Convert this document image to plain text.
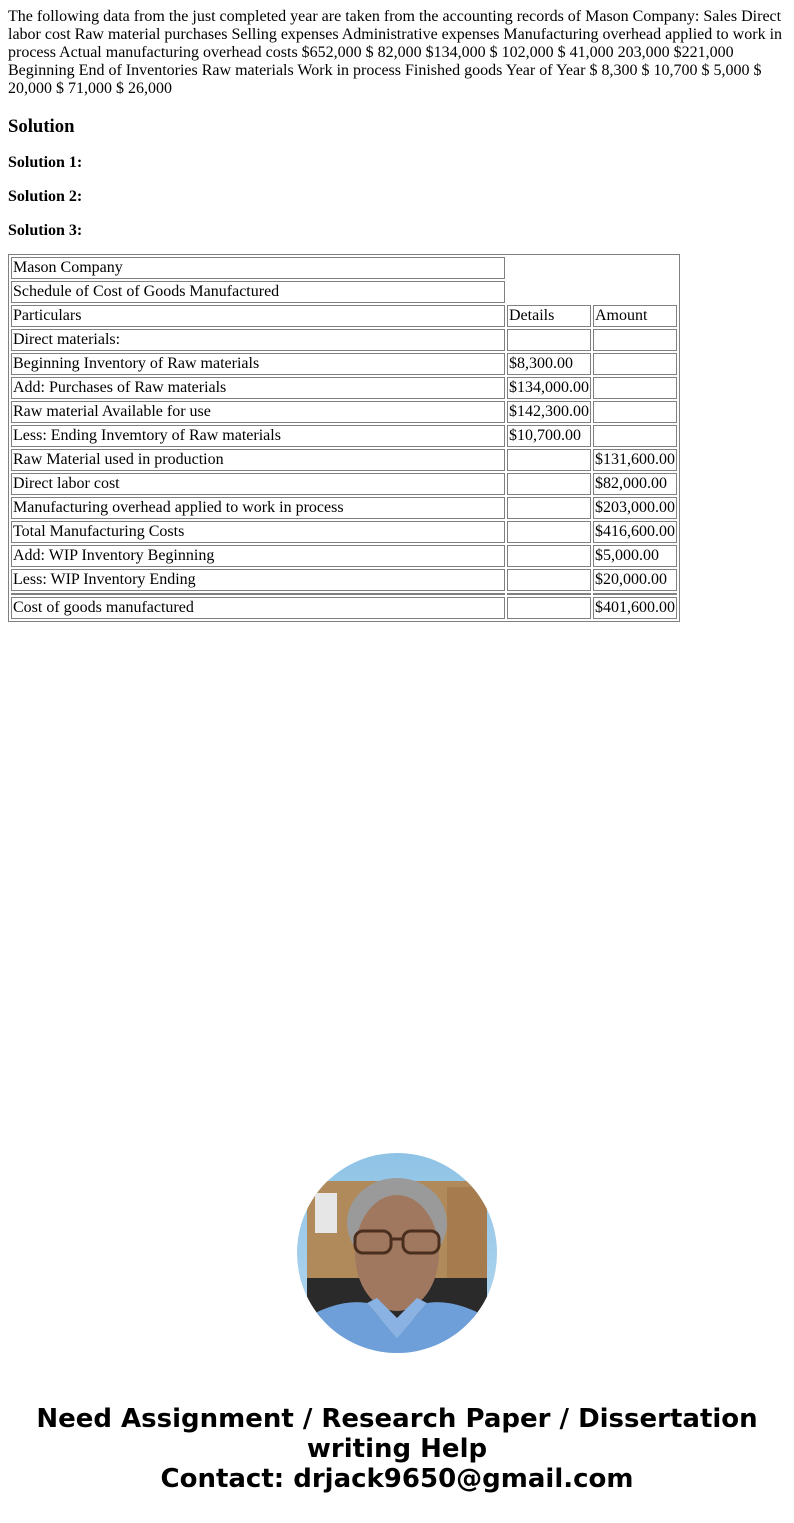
The following data from the just completed year are taken from the accounting records of Mason Company: Sales Direct labor cost Raw material purchases Selling expenses Administrative expenses Manufacturing overhead applied to work in process Actual manufacturing overhead costs $652,000 $ 82,000 $134,000 $ 102,000 $ 41,000 203,000 $221,000 Beginning End of Inventories Raw materials Work in process Finished goods Year of Year $ 8,300 $ 10,700 $ 5,000 $ 20,000 $ 71,000 $ 26,000

Solution
Solution 1:
Solution 2:
Solution 3:
Mason Company		
Schedule of Cost of Goods Manufactured		
Particulars	Details	Amount
Direct materials:		
Beginning Inventory of Raw materials	$8,300.00	
Add: Purchases of Raw materials	$134,000.00	
Raw material Available for use	$142,300.00	
Less: Ending Invemtory of Raw materials	$10,700.00	
Raw Material used in production		$131,600.00
Direct labor cost		$82,000.00
Manufacturing overhead applied to work in process		$203,000.00
Total Manufacturing Costs		$416,600.00
Add: WIP Inventory Beginning		$5,000.00
Less: WIP Inventory Ending		$20,000.00

Cost of goods manufactured		$401,600.00
Need Assignment / Research Paper / Dissertation
writing Help
Contact: drjack9650@gmail.com
